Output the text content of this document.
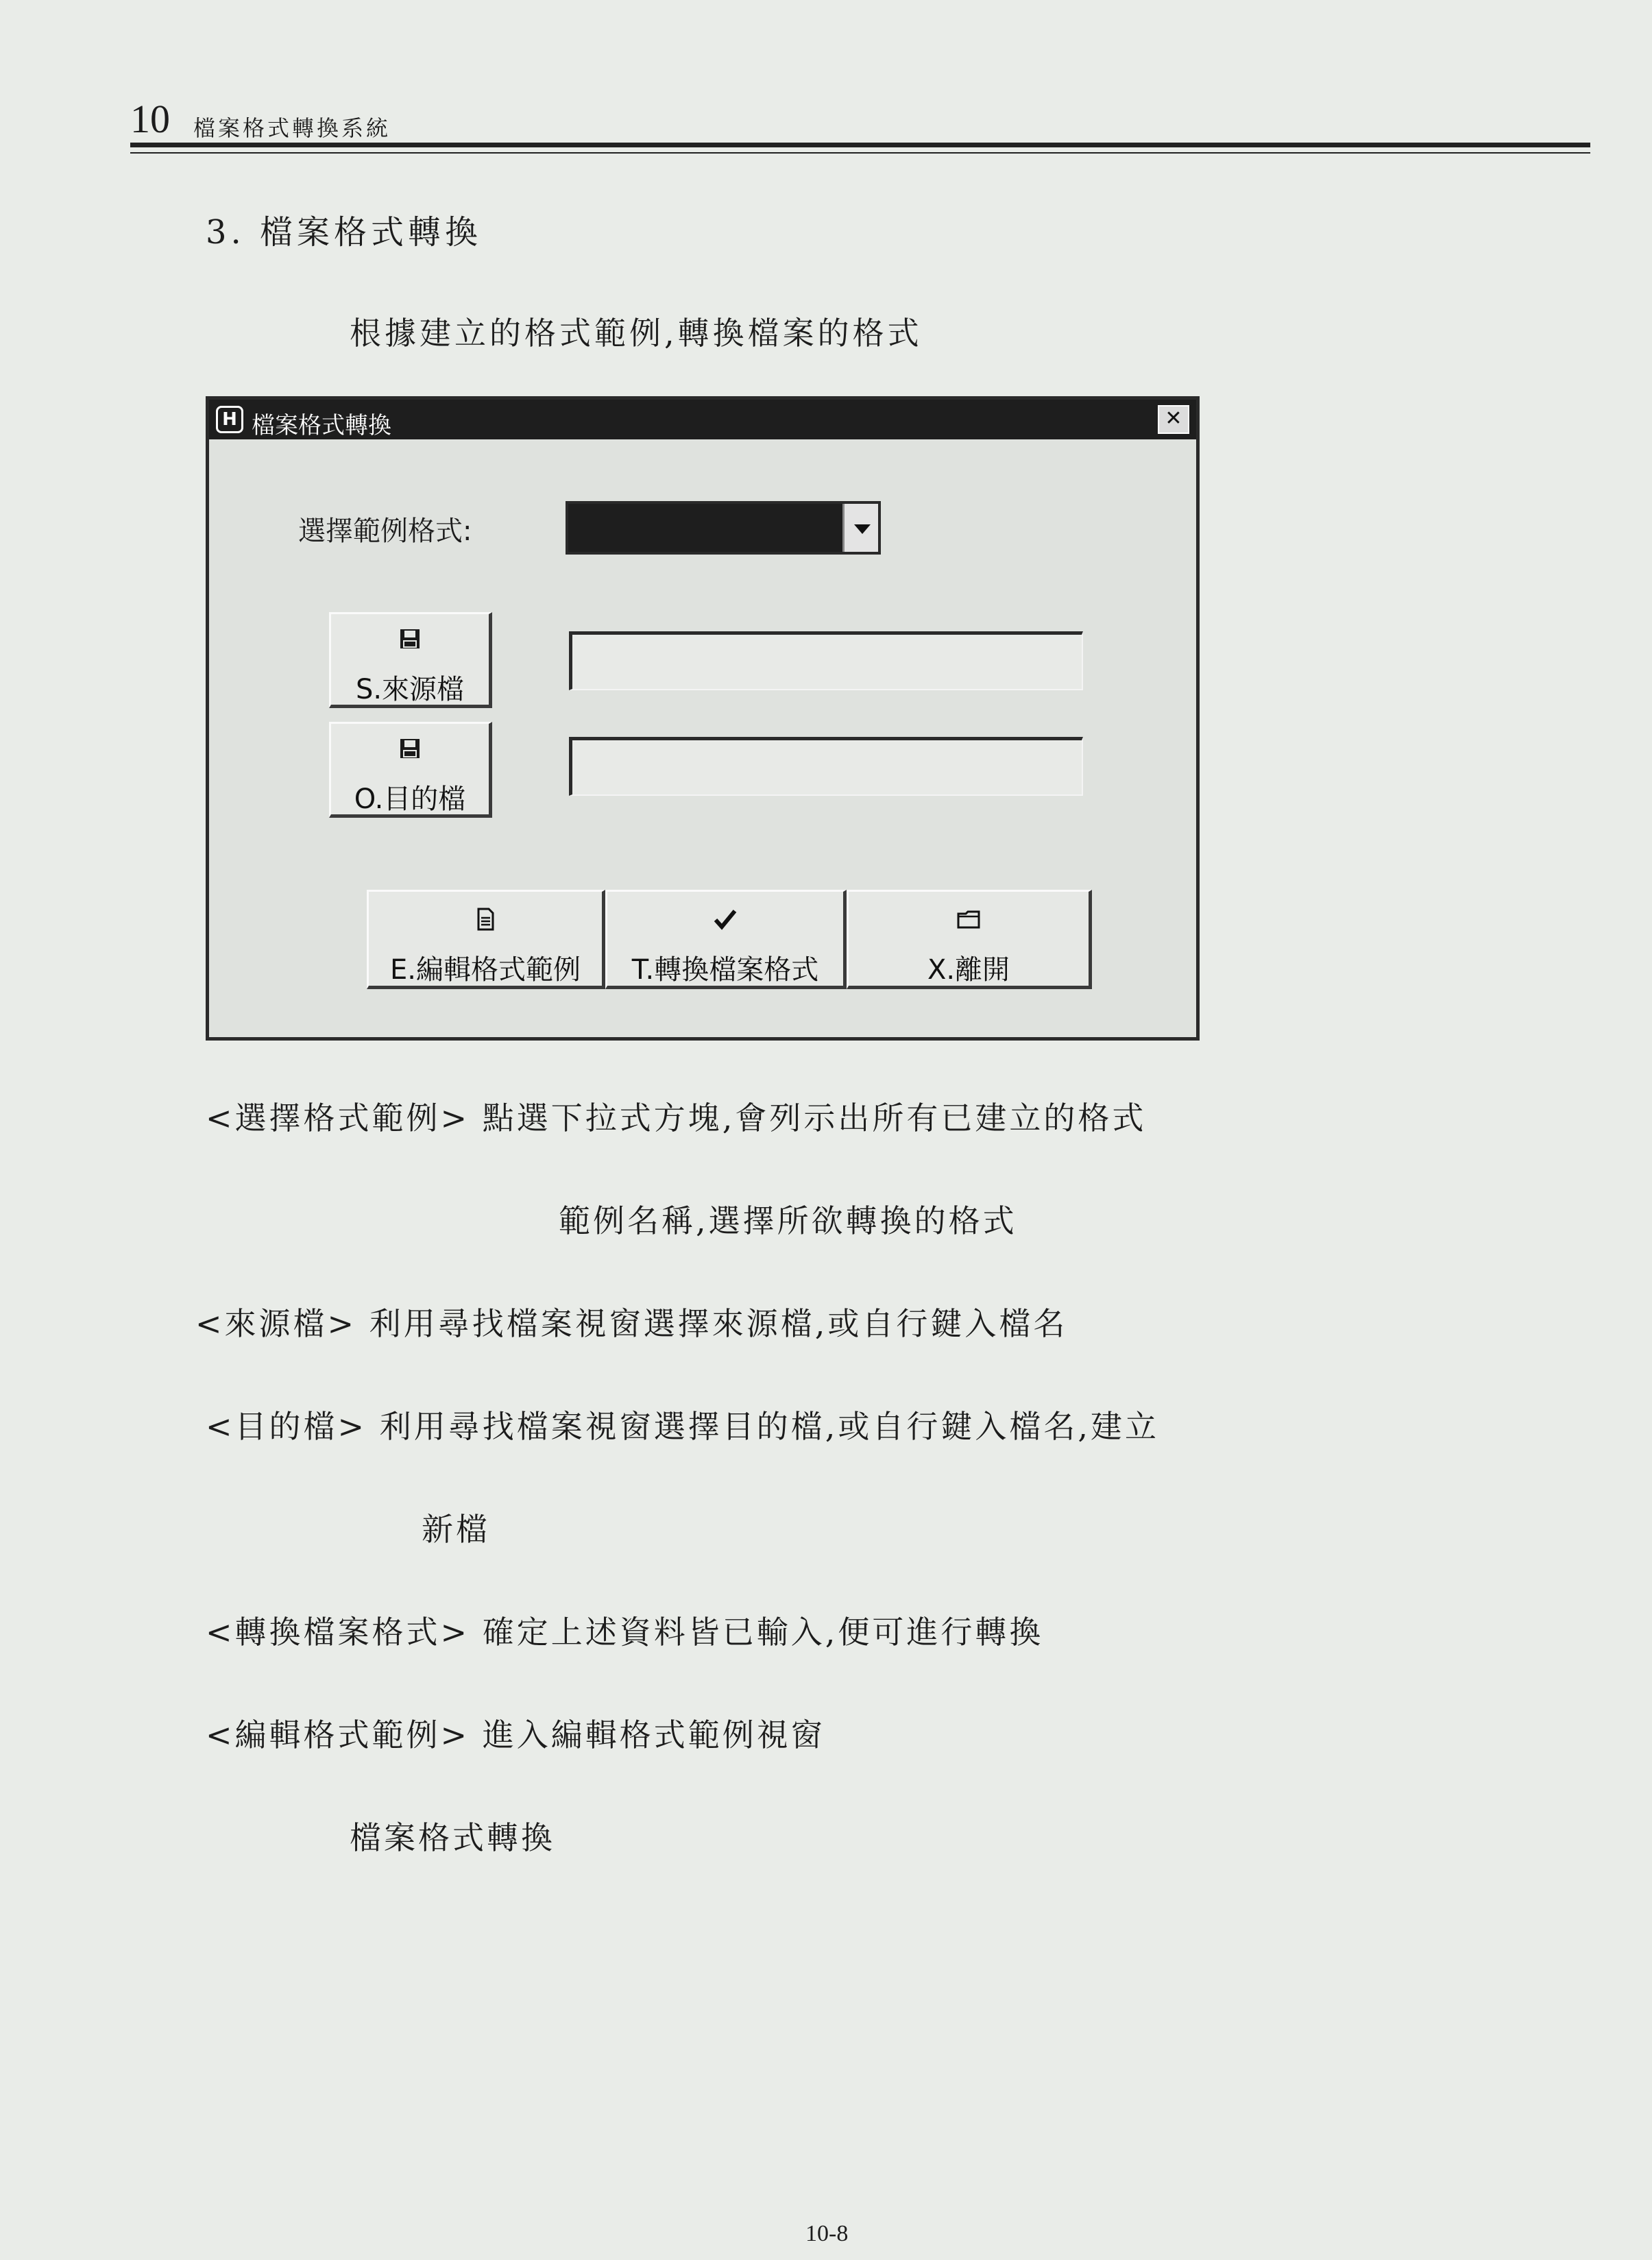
10 檔案格式轉換系統
3. 檔案格式轉換
根據建立的格式範例,轉換檔案的格式
H 檔案格式轉換	✕
選擇範例格式:
S.來源檔
O.目的檔
E.編輯格式範例	T.轉換檔案格式	X.離開
<選擇格式範例> 點選下拉式方塊,會列示出所有已建立的格式
範例名稱,選擇所欲轉換的格式
<來源檔> 利用尋找檔案視窗選擇來源檔,或自行鍵入檔名
<目的檔> 利用尋找檔案視窗選擇目的檔,或自行鍵入檔名,建立
新檔
<轉換檔案格式> 確定上述資料皆已輸入,便可進行轉換
<編輯格式範例> 進入編輯格式範例視窗
檔案格式轉換
10-8
